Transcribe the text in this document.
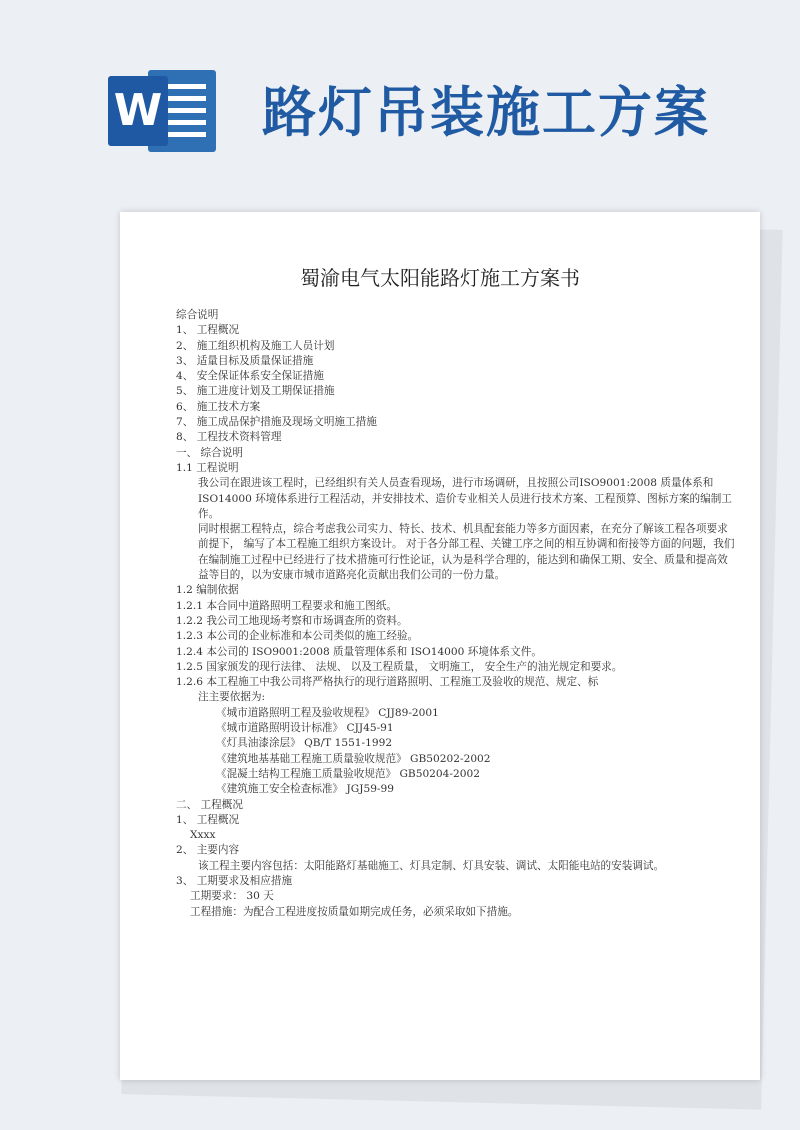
W 路灯吊装施工方案
蜀渝电气太阳能路灯施工方案书
综合说明
1、 工程概况
2、 施工组织机构及施工人员计划
3、 适量目标及质量保证措施
4、 安全保证体系安全保证措施
5、 施工进度计划及工期保证措施
6、 施工技术方案
7、 施工成品保护措施及现场文明施工措施
8、 工程技术资料管理
一、 综合说明
1.1 工程说明
我公司在跟进该工程时，已经组织有关人员查看现场，进行市场调研，且按照公司ISO9001:2008 质量体系和 ISO14000 环境体系进行工程活动，并安排技术、造价专业相关人员进行技术方案、工程预算、图标方案的编制工作。
同时根据工程特点，综合考虑我公司实力、特长、技术、机具配套能力等多方面因素，在充分了解该工程各项要求前提下， 编写了本工程施工组织方案设计。 对于各分部工程、关键工序之间的相互协调和衔接等方面的问题，我们在编制施工过程中已经进行了技术措施可行性论证，认为是科学合理的，能达到和确保工期、安全、质量和提高效益等目的，以为安康市城市道路亮化贡献出我们公司的一份力量。
1.2 编制依据
1.2.1 本合同中道路照明工程要求和施工图纸。
1.2.2 我公司工地现场考察和市场调查所的资料。
1.2.3 本公司的企业标准和本公司类似的施工经验。
1.2.4 本公司的 ISO9001:2008 质量管理体系和 ISO14000 环境体系文件。
1.2.5 国家颁发的现行法律、 法规、 以及工程质量， 文明施工， 安全生产的油光规定和要求。
1.2.6 本工程施工中我公司将严格执行的现行道路照明、工程施工及验收的规范、规定、标
注主要依据为:
《城市道路照明工程及验收规程》 CJJ89-2001
《城市道路照明设计标准》 CJJ45-91
《灯具油漆涂层》 QB/T 1551-1992
《建筑地基基础工程施工质量验收规范》 GB50202-2002
《混凝土结构工程施工质量验收规范》 GB50204-2002
《建筑施工安全检查标准》 JGJ59-99
二、 工程概况
1、 工程概况
Xxxx
2、 主要内容
该工程主要内容包括：太阳能路灯基础施工、灯具定制、灯具安装、调试、太阳能电站的安装调试。
3、 工期要求及相应措施
工期要求： 30 天
工程措施：为配合工程进度按质量如期完成任务，必须采取如下措施。
